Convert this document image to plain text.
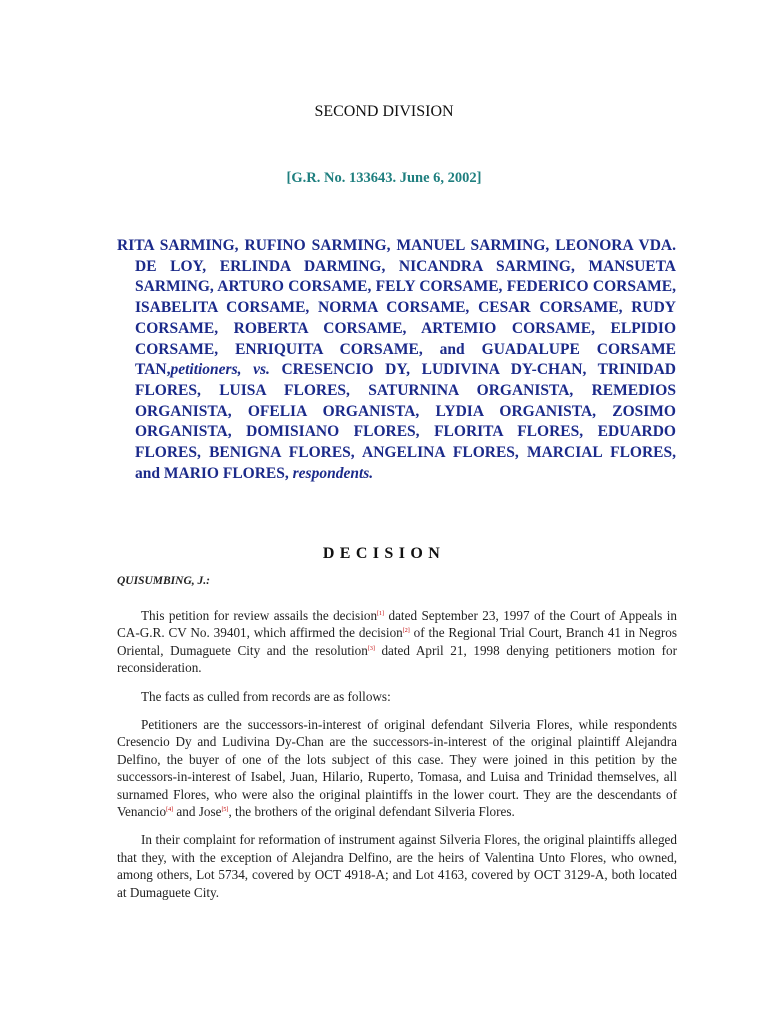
SECOND DIVISION
[G.R. No. 133643. June 6, 2002]
RITA SARMING, RUFINO SARMING, MANUEL SARMING, LEONORA VDA. DE LOY, ERLINDA DARMING, NICANDRA SARMING, MANSUETA SARMING, ARTURO CORSAME, FELY CORSAME, FEDERICO CORSAME, ISABELITA CORSAME, NORMA CORSAME, CESAR CORSAME, RUDY CORSAME, ROBERTA CORSAME, ARTEMIO CORSAME, ELPIDIO CORSAME, ENRIQUITA CORSAME, and GUADALUPE CORSAME TAN,petitioners, vs. CRESENCIO DY, LUDIVINA DY-CHAN, TRINIDAD FLORES, LUISA FLORES, SATURNINA ORGANISTA, REMEDIOS ORGANISTA, OFELIA ORGANISTA, LYDIA ORGANISTA, ZOSIMO ORGANISTA, DOMISIANO FLORES, FLORITA FLORES, EDUARDO FLORES, BENIGNA FLORES, ANGELINA FLORES, MARCIAL FLORES, and MARIO FLORES, respondents.
DECISION
QUISUMBING, J.:

This petition for review assails the decision[1] dated September 23, 1997 of the Court of Appeals in CA-G.R. CV No. 39401, which affirmed the decision[2] of the Regional Trial Court, Branch 41 in Negros Oriental, Dumaguete City and the resolution[3] dated April 21, 1998 denying petitioners motion for reconsideration.

The facts as culled from records are as follows:

Petitioners are the successors-in-interest of original defendant Silveria Flores, while respondents Cresencio Dy and Ludivina Dy-Chan are the successors-in-interest of the original plaintiff Alejandra Delfino, the buyer of one of the lots subject of this case. They were joined in this petition by the successors-in-interest of Isabel, Juan, Hilario, Ruperto, Tomasa, and Luisa and Trinidad themselves, all surnamed Flores, who were also the original plaintiffs in the lower court. They are the descendants of Venancio[4] and Jose[5], the brothers of the original defendant Silveria Flores.

In their complaint for reformation of instrument against Silveria Flores, the original plaintiffs alleged that they, with the exception of Alejandra Delfino, are the heirs of Valentina Unto Flores, who owned, among others, Lot 5734, covered by OCT 4918-A; and Lot 4163, covered by OCT 3129-A, both located at Dumaguete City.
